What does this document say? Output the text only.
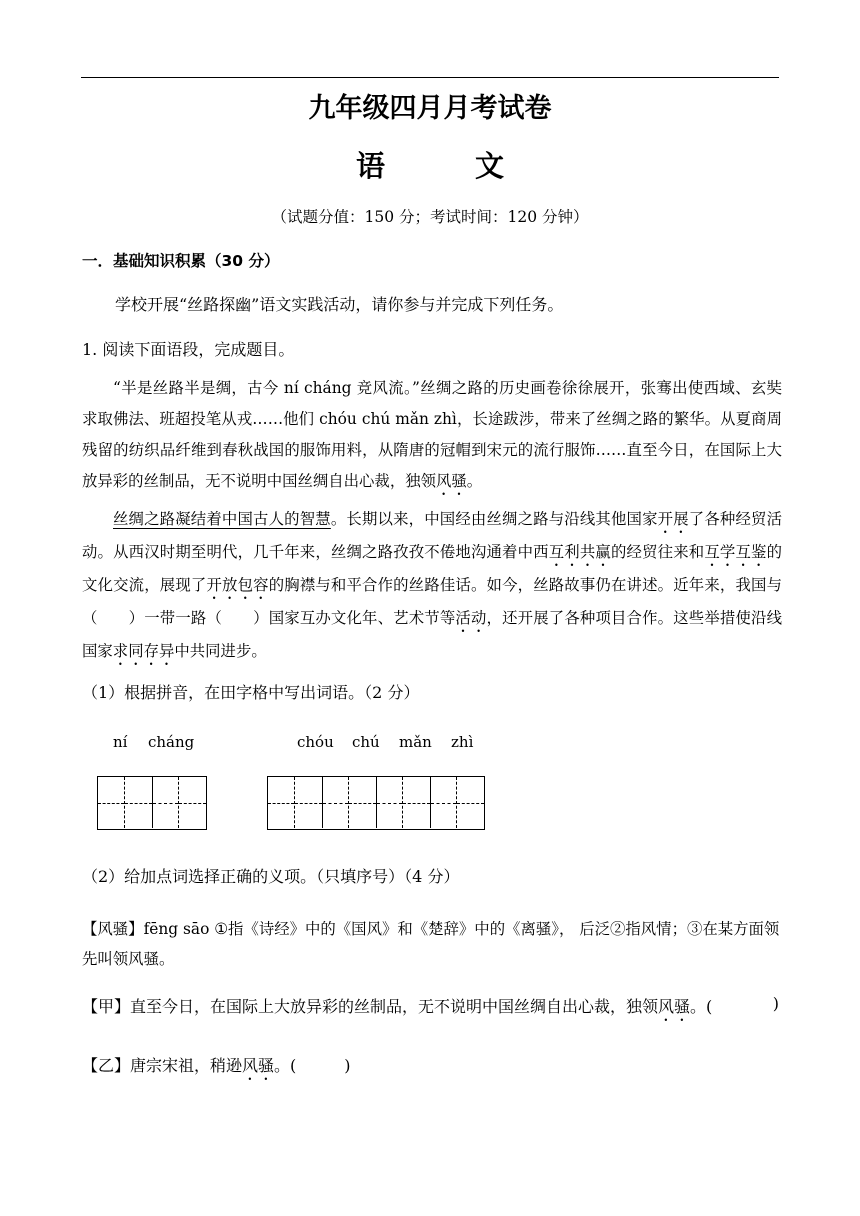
九年级四月月考试卷
语 文
（试题分值：150 分；考试时间：120 分钟）
一．基础知识积累（30 分）
学校开展“丝路探幽”语文实践活动，请你参与并完成下列任务。
1. 阅读下面语段，完成题目。
“半是丝路半是绸，古今 ní cháng 竞风流。”丝绸之路的历史画卷徐徐展开，张骞出使西域、玄奘求取佛法、班超投笔从戎……他们 chóu chú mǎn zhì，长途跋涉，带来了丝绸之路的繁华。从夏商周残留的纺织品纤维到春秋战国的服饰用料，从隋唐的冠帽到宋元的流行服饰……直至今日，在国际上大放异彩的丝制品，无不说明中国丝绸自出心裁，独领风骚。
丝绸之路凝结着中国古人的智慧。长期以来，中国经由丝绸之路与沿线其他国家开展了各种经贸活动。从西汉时期至明代，几千年来，丝绸之路孜孜不倦地沟通着中西互利共赢的经贸往来和互学互鉴的文化交流，展现了开放包容的胸襟与和平合作的丝路佳话。如今，丝路故事仍在讲述。近年来，我国与（　　）一带一路（　　）国家互办文化年、艺术节等活动，还开展了各种项目合作。这些举措使沿线国家求同存异中共同进步。
（1）根据拼音，在田字格中写出词语。（2 分）
ní cháng	chóu chú mǎn zhì
（2）给加点词选择正确的义项。（只填序号）（4 分）
【风骚】fēng sāo ①指《诗经》中的《国风》和《楚辞》中的《离骚》， 后泛②指风情；③在某方面领先叫领风骚。
【甲】直至今日，在国际上大放异彩的丝制品，无不说明中国丝绸自出心裁，独领风骚。(	)
【乙】唐宗宋祖，稍逊风骚。(　　　)
